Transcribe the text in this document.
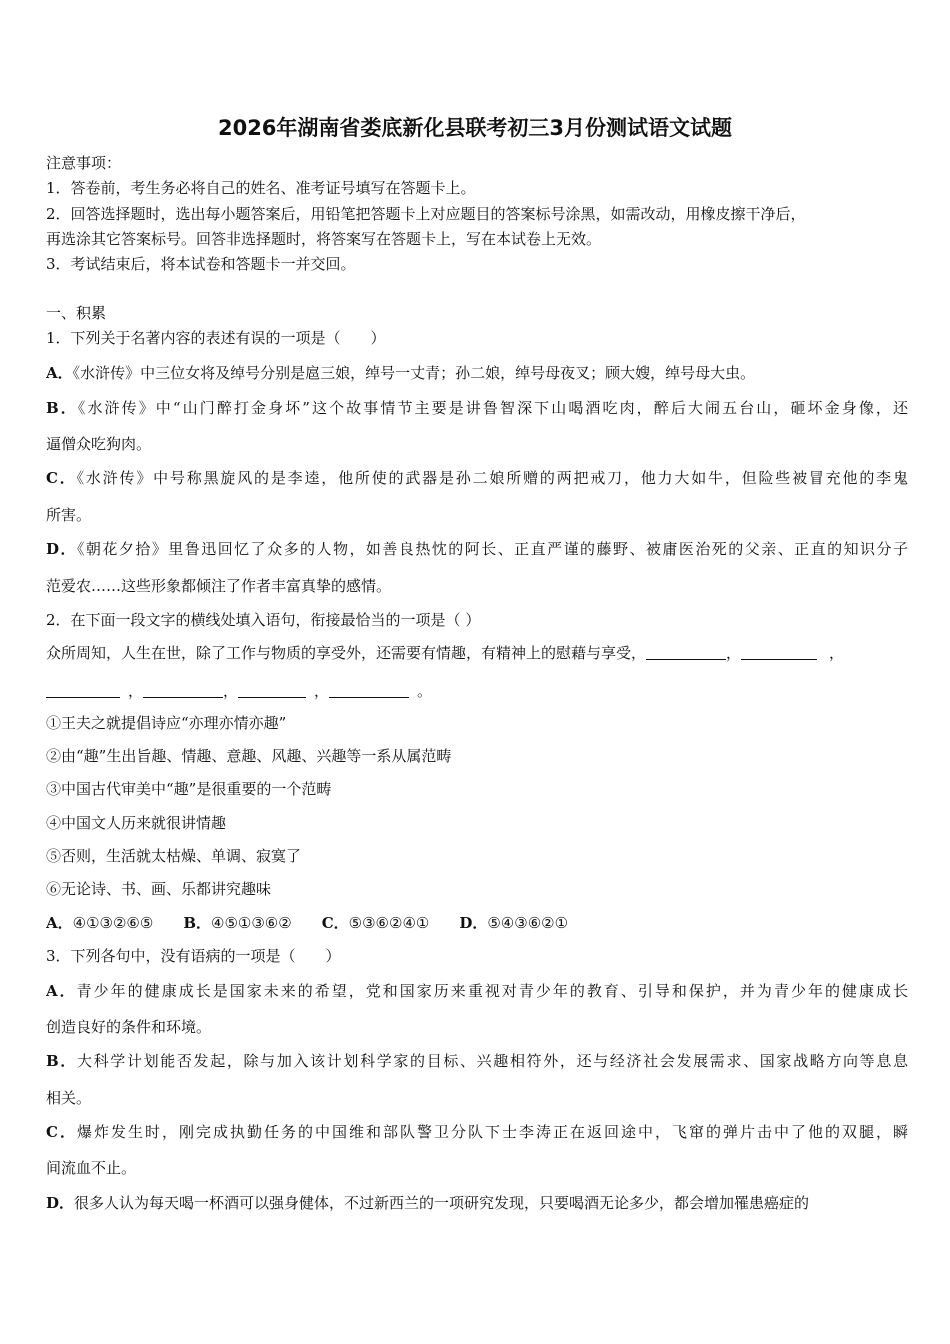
2026年湖南省娄底新化县联考初三3月份测试语文试题
注意事项：
1．答卷前，考生务必将自己的姓名、准考证号填写在答题卡上。
2．回答选择题时，选出每小题答案后，用铅笔把答题卡上对应题目的答案标号涂黑，如需改动，用橡皮擦干净后，
再选涂其它答案标号。回答非选择题时，将答案写在答题卡上，写在本试卷上无效。
3．考试结束后，将本试卷和答题卡一并交回。
一、积累
1．下列关于名著内容的表述有误的一项是（　　）
A．《水浒传》中三位女将及绰号分别是扈三娘，绰号一丈青；孙二娘，绰号母夜叉；顾大嫂，绰号母大虫。
B．《水浒传》中“山门醉打金身坏”这个故事情节主要是讲鲁智深下山喝酒吃肉，醉后大闹五台山，砸坏金身像，还
逼僧众吃狗肉。
C．《水浒传》中号称黑旋风的是李逵，他所使的武器是孙二娘所赠的两把戒刀，他力大如牛，但险些被冒充他的李鬼
所害。
D．《朝花夕拾》里鲁迅回忆了众多的人物，如善良热忱的阿长、正直严谨的藤野、被庸医治死的父亲、正直的知识分子
范爱农……这些形象都倾注了作者丰富真挚的感情。
2．在下面一段文字的横线处填入语句，衔接最恰当的一项是（ ）
众所周知，人生在世，除了工作与物质的享受外，还需要有情趣，有精神上的慰藉与享受，	，	，
，	，	，	。
①王夫之就提倡诗应“亦理亦情亦趣”
②由“趣”生出旨趣、情趣、意趣、风趣、兴趣等一系从属范畴
③中国古代审美中“趣”是很重要的一个范畴
④中国文人历来就很讲情趣
⑤否则，生活就太枯燥、单调、寂寞了
⑥无论诗、书、画、乐都讲究趣味
A．④①③②⑥⑤ B．④⑤①③⑥② C．⑤③⑥②④① D．⑤④③⑥②①
3．下列各句中，没有语病的一项是（　　）
A．青少年的健康成长是国家未来的希望，党和国家历来重视对青少年的教育、引导和保护，并为青少年的健康成长
创造良好的条件和环境。
B．大科学计划能否发起，除与加入该计划科学家的目标、兴趣相符外，还与经济社会发展需求、国家战略方向等息息
相关。
C．爆炸发生时，刚完成执勤任务的中国维和部队警卫分队下士李涛正在返回途中，飞窜的弹片击中了他的双腿，瞬
间流血不止。
D．很多人认为每天喝一杯酒可以强身健体，不过新西兰的一项研究发现，只要喝酒无论多少，都会增加罹患癌症的
